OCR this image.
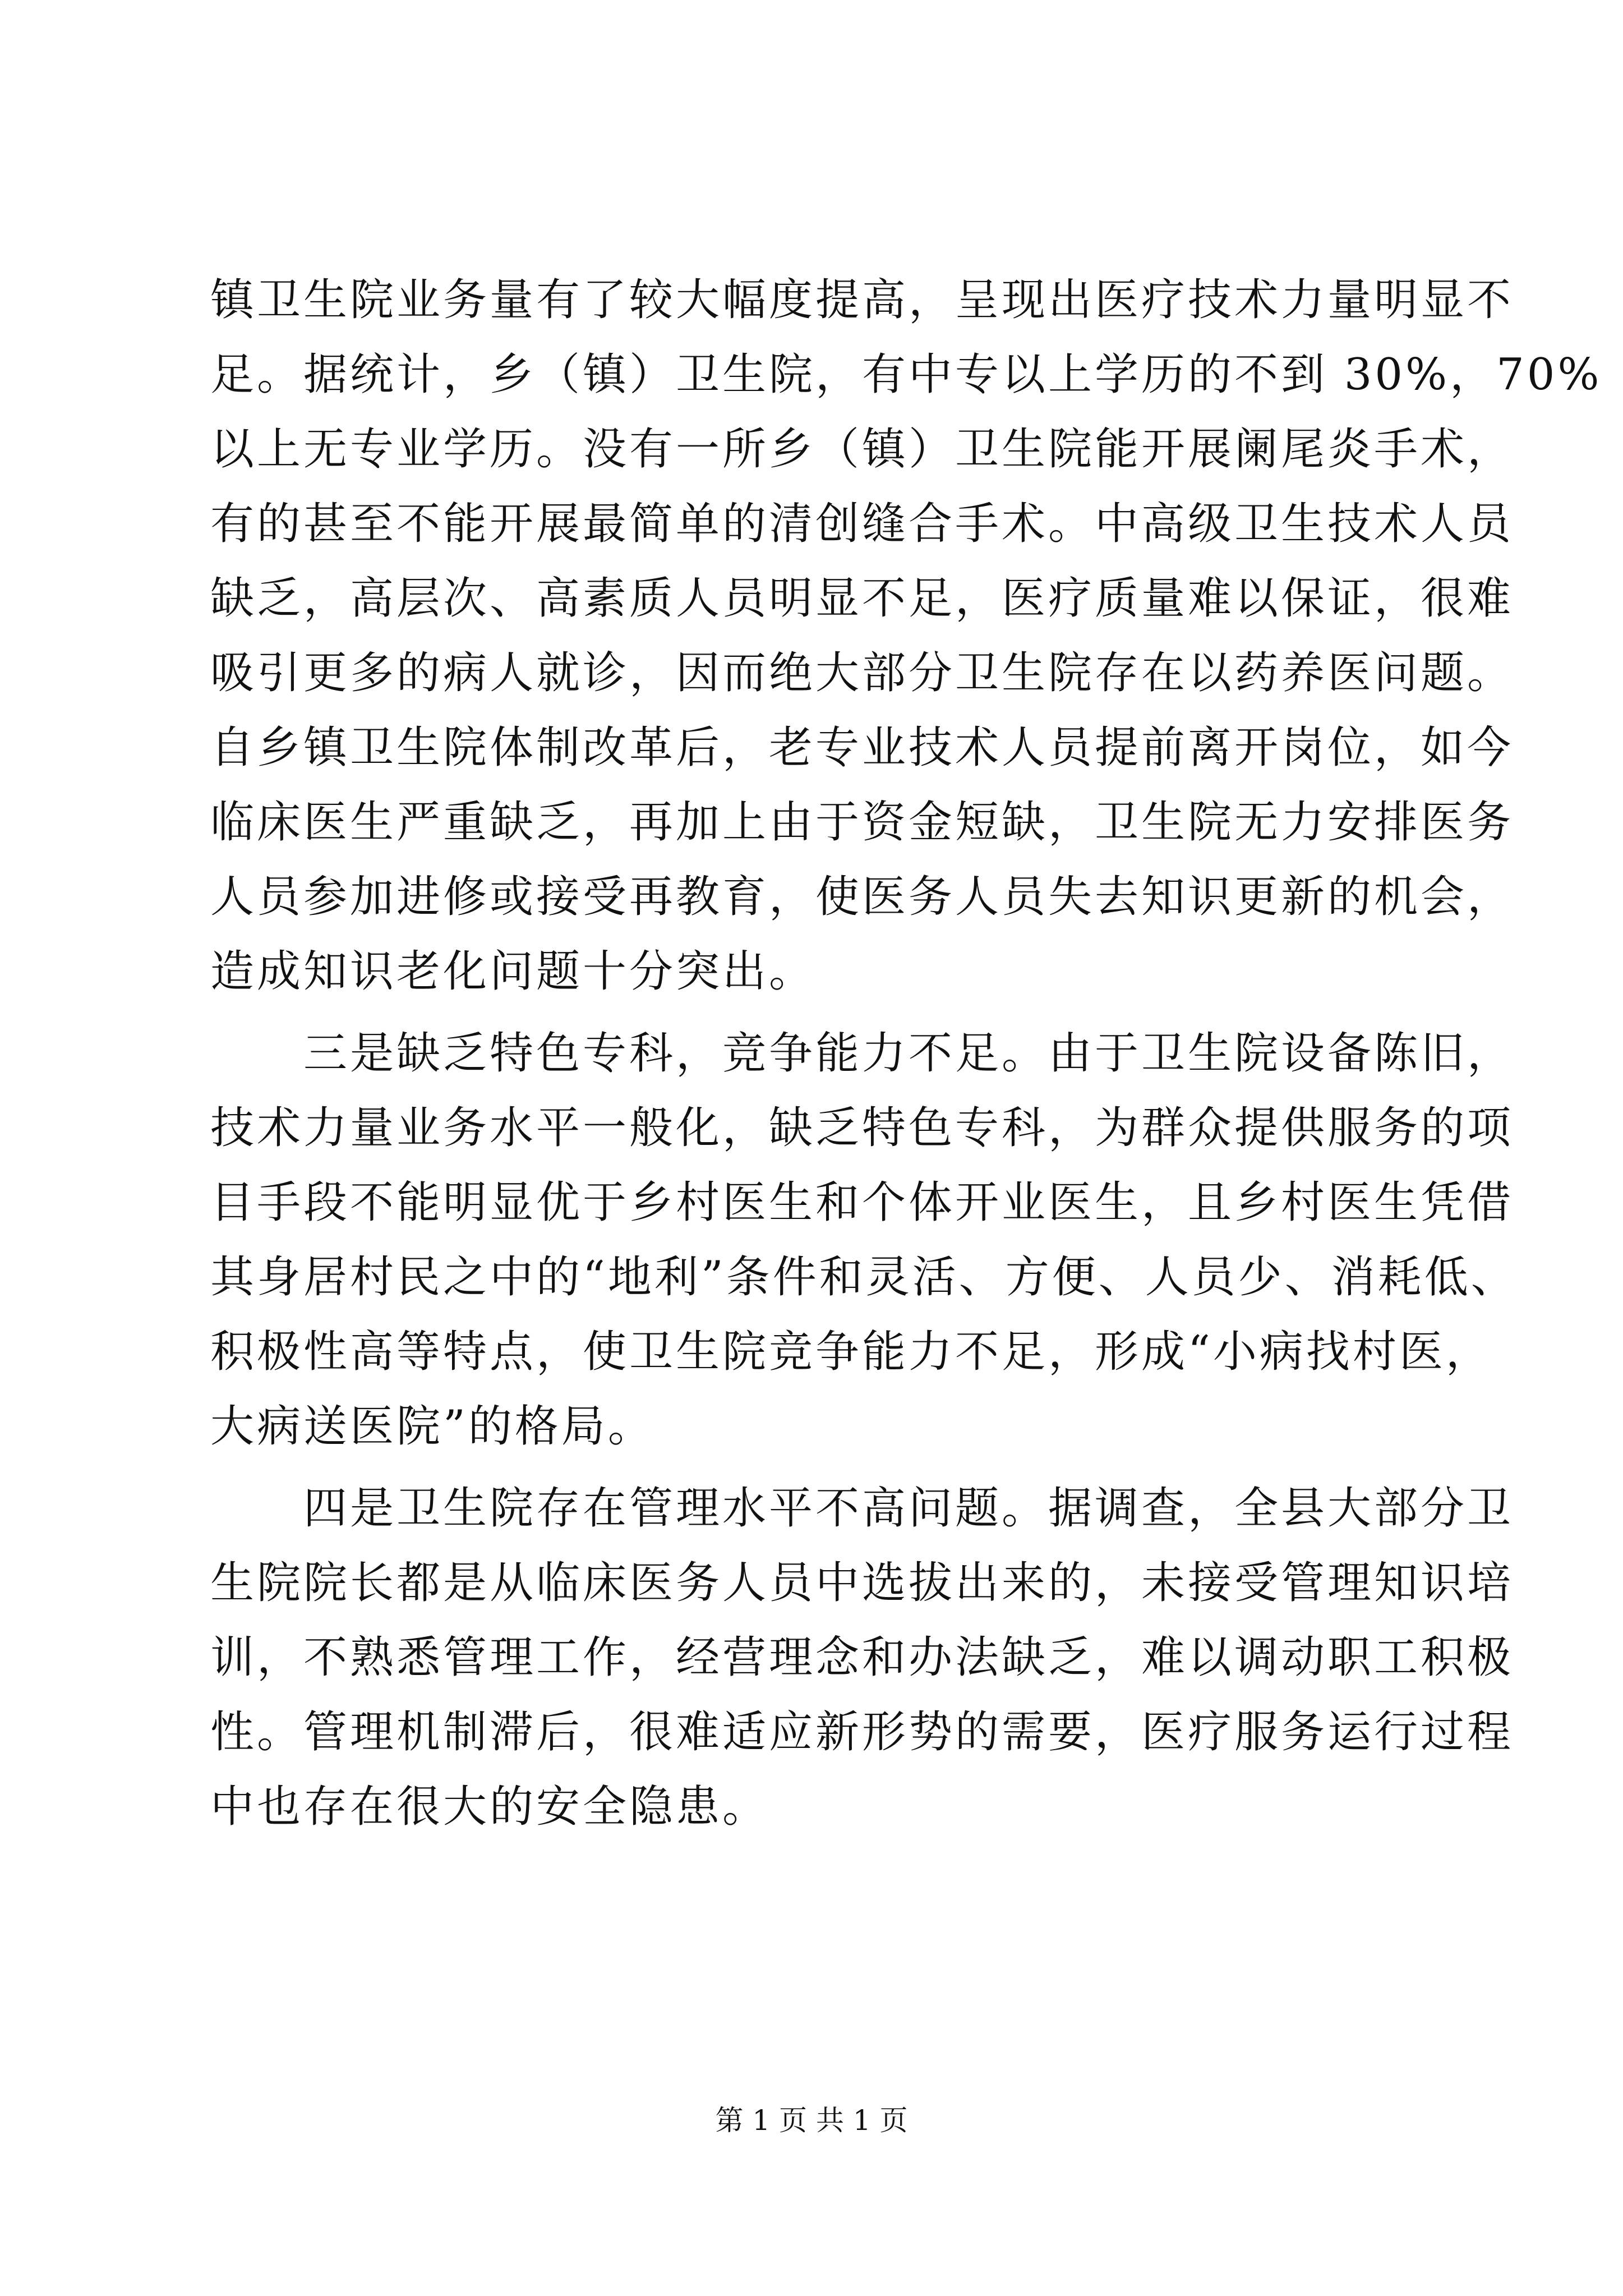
镇卫生院业务量有了较大幅度提高，呈现出医疗技术力量明显不
足。据统计，乡（镇）卫生院，有中专以上学历的不到 30%，70%
以上无专业学历。没有一所乡（镇）卫生院能开展阑尾炎手术，
有的甚至不能开展最简单的清创缝合手术。中高级卫生技术人员
缺乏，高层次、高素质人员明显不足，医疗质量难以保证，很难
吸引更多的病人就诊，因而绝大部分卫生院存在以药养医问题。
自乡镇卫生院体制改革后，老专业技术人员提前离开岗位，如今
临床医生严重缺乏，再加上由于资金短缺，卫生院无力安排医务
人员参加进修或接受再教育，使医务人员失去知识更新的机会，
造成知识老化问题十分突出。
　　三是缺乏特色专科，竞争能力不足。由于卫生院设备陈旧，
技术力量业务水平一般化，缺乏特色专科，为群众提供服务的项
目手段不能明显优于乡村医生和个体开业医生，且乡村医生凭借
其身居村民之中的“地利”条件和灵活、方便、人员少、消耗低、
积极性高等特点，使卫生院竞争能力不足，形成“小病找村医，
大病送医院”的格局。
　　四是卫生院存在管理水平不高问题。据调查，全县大部分卫
生院院长都是从临床医务人员中选拔出来的，未接受管理知识培
训，不熟悉管理工作，经营理念和办法缺乏，难以调动职工积极
性。管理机制滞后，很难适应新形势的需要，医疗服务运行过程
中也存在很大的安全隐患。
第 1 页 共 1 页
